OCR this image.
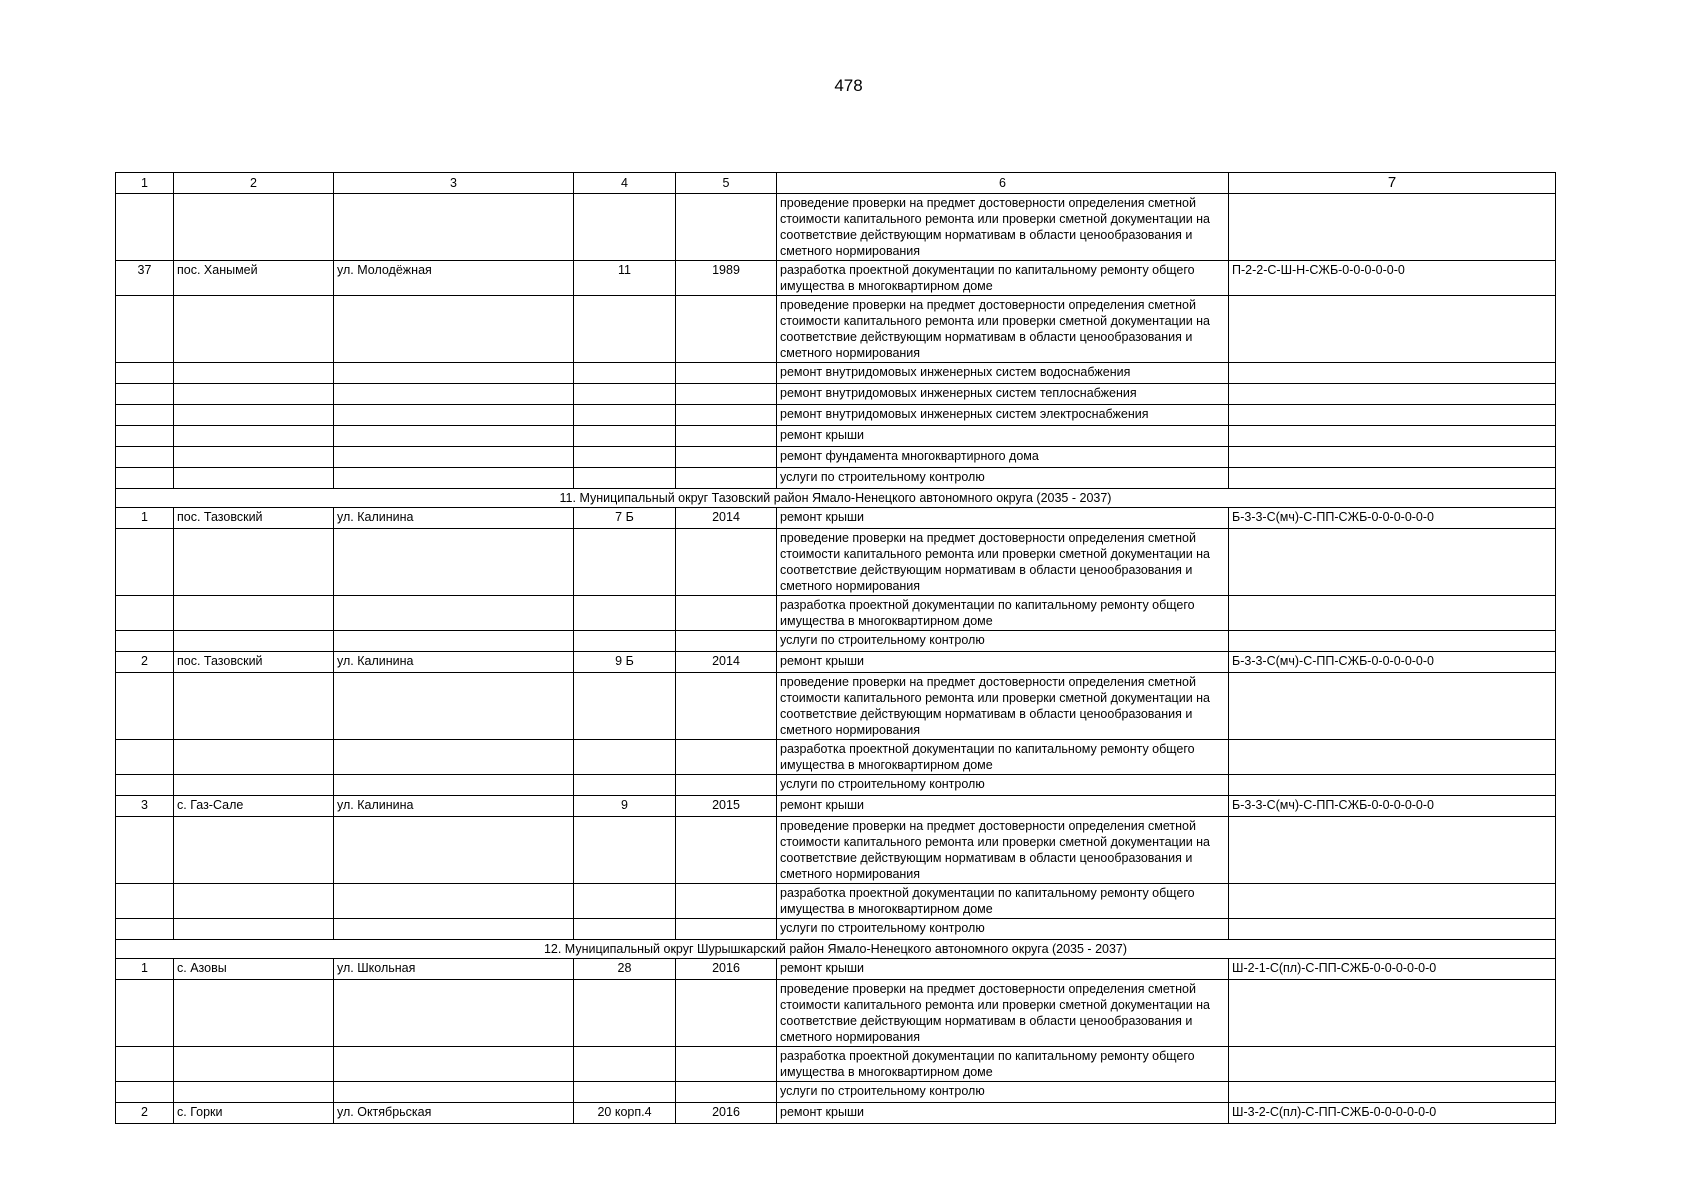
478
1	2	3	4	5	6	7
					проведение проверки на предмет достоверности определения сметной стоимости капитального ремонта или проверки сметной документации на соответствие действующим нормативам в области ценообразования и сметного нормирования	
37	пос. Ханымей	ул. Молодёжная	11	1989	разработка проектной документации по капитальному ремонту общего имущества в многоквартирном доме	П-2-2-С-Ш-Н-СЖБ-0-0-0-0-0-0
					проведение проверки на предмет достоверности определения сметной стоимости капитального ремонта или проверки сметной документации на соответствие действующим нормативам в области ценообразования и сметного нормирования	
					ремонт внутридомовых инженерных систем водоснабжения	
					ремонт внутридомовых инженерных систем теплоснабжения	
					ремонт внутридомовых инженерных систем электроснабжения	
					ремонт крыши	
					ремонт фундамента многоквартирного дома	
					услуги по строительному контролю	
11. Муниципальный округ Тазовский район Ямало-Ненецкого автономного округа (2035 - 2037)						
1	пос. Тазовский	ул. Калинина	7 Б	2014	ремонт крыши	Б-3-3-С(мч)-С-ПП-СЖБ-0-0-0-0-0-0
					проведение проверки на предмет достоверности определения сметной стоимости капитального ремонта или проверки сметной документации на соответствие действующим нормативам в области ценообразования и сметного нормирования	
					разработка проектной документации по капитальному ремонту общего имущества в многоквартирном доме	
					услуги по строительному контролю	
2	пос. Тазовский	ул. Калинина	9 Б	2014	ремонт крыши	Б-3-3-С(мч)-С-ПП-СЖБ-0-0-0-0-0-0
					проведение проверки на предмет достоверности определения сметной стоимости капитального ремонта или проверки сметной документации на соответствие действующим нормативам в области ценообразования и сметного нормирования	
					разработка проектной документации по капитальному ремонту общего имущества в многоквартирном доме	
					услуги по строительному контролю	
3	с. Газ-Сале	ул. Калинина	9	2015	ремонт крыши	Б-3-3-С(мч)-С-ПП-СЖБ-0-0-0-0-0-0
					проведение проверки на предмет достоверности определения сметной стоимости капитального ремонта или проверки сметной документации на соответствие действующим нормативам в области ценообразования и сметного нормирования	
					разработка проектной документации по капитальному ремонту общего имущества в многоквартирном доме	
					услуги по строительному контролю	
12. Муниципальный округ Шурышкарский район Ямало-Ненецкого автономного округа (2035 - 2037)						
1	с. Азовы	ул. Школьная	28	2016	ремонт крыши	Ш-2-1-С(пл)-С-ПП-СЖБ-0-0-0-0-0-0
					проведение проверки на предмет достоверности определения сметной стоимости капитального ремонта или проверки сметной документации на соответствие действующим нормативам в области ценообразования и сметного нормирования	
					разработка проектной документации по капитальному ремонту общего имущества в многоквартирном доме	
					услуги по строительному контролю	
2	с. Горки	ул. Октябрьская	20 корп.4	2016	ремонт крыши	Ш-3-2-С(пл)-С-ПП-СЖБ-0-0-0-0-0-0
